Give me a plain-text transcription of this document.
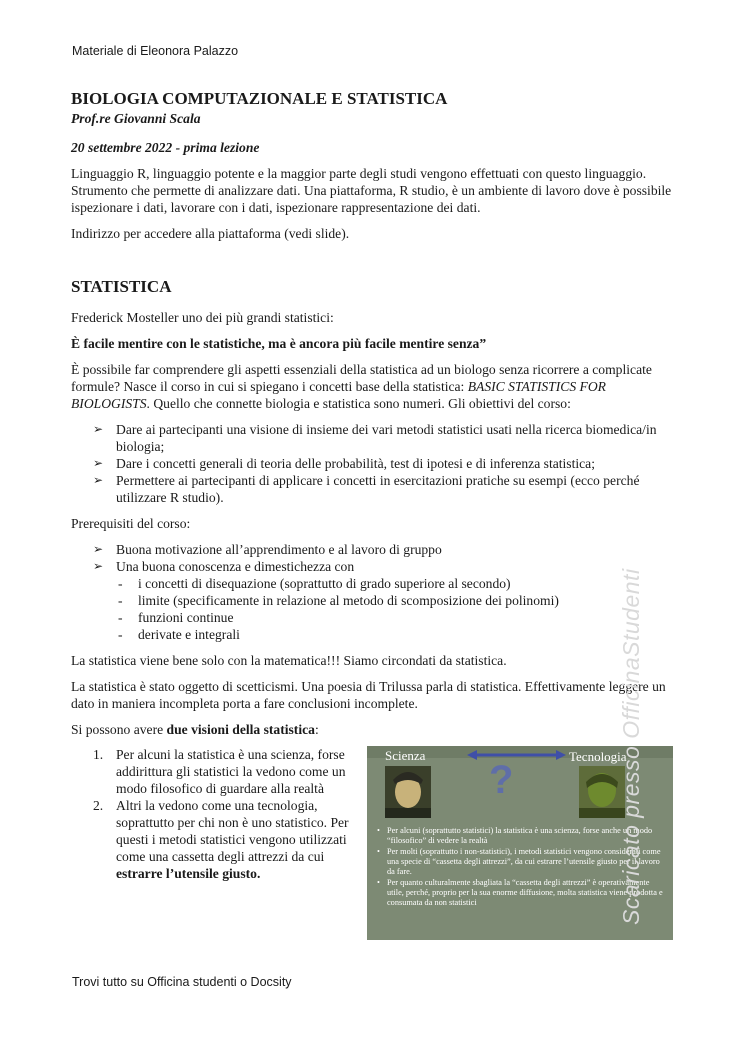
Materiale di Eleonora Palazzo
BIOLOGIA COMPUTAZIONALE E STATISTICA
Prof.re Giovanni Scala
20 settembre 2022 - prima lezione

Linguaggio R, linguaggio potente e la maggior parte degli studi vengono effettuati con questo linguaggio. Strumento che permette di analizzare dati. Una piattaforma, R studio, è un ambiente di lavoro dove è possibile ispezionare i dati, lavorare con i dati, ispezionare rappresentazione dei dati.

Indirizzo per accedere alla piattaforma (vedi slide).

STATISTICA

Frederick Mosteller uno dei più grandi statistici:

È facile mentire con le statistiche, ma è ancora più facile mentire senza”

È possibile far comprendere gli aspetti essenziali della statistica ad un biologo senza ricorrere a complicate formule? Nasce il corso in cui si spiegano i concetti base della statistica: BASIC STATISTICS FOR BIOLOGISTS. Quello che connette biologia e statistica sono numeri. Gli obiettivi del corso:

➢ Dare ai partecipanti una visione di insieme dei vari metodi statistici usati nella ricerca biomedica/in biologia;
➢ Dare i concetti generali di teoria delle probabilità, test di ipotesi e di inferenza statistica;
➢ Permettere ai partecipanti di applicare i concetti in esercitazioni pratiche su esempi (ecco perché utilizzare R studio).

Prerequisiti del corso:

➢ Buona motivazione all’apprendimento e al lavoro di gruppo
➢ Una buona conoscenza e dimestichezza con
- i concetti di disequazione (soprattutto di grado superiore al secondo)
- limite (specificamente in relazione al metodo di scomposizione dei polinomi)
- funzioni continue
- derivate e integrali

La statistica viene bene solo con la matematica!!! Siamo circondati da statistica.

La statistica è stato oggetto di scetticismi. Una poesia di Trilussa parla di statistica. Effettivamente leggere un dato in maniera incompleta porta a fare conclusioni incomplete.

Si possono avere due visioni della statistica:

1. Per alcuni la statistica è una scienza, forse addirittura gli statistici la vedono come un modo filosofico di guardare alla realtà
2. Altri la vedono come una tecnologia, soprattutto per chi non è uno statistico. Per questi i metodi statistici vengono utilizzati come una cassetta degli attrezzi da cui estrarre l’utensile giusto.
Scienza	Tecnologia
?
• Per alcuni (soprattutto statistici) la statistica è una scienza, forse anche un modo “filosofico” di vedere la realtà
• Per molti (soprattutto i non-statistici), i metodi statistici vengono considerati come una specie di “cassetta degli attrezzi”, da cui estrarre l’utensile giusto per il lavoro da fare.
• Per quanto culturalmente sbagliata la “cassetta degli attrezzi” è operativamente utile, perché, proprio per la sua enorme diffusione, molta statistica viene prodotta e consumata da non statistici	Scaricato presso OfficinaStudenti
Trovi tutto su Officina studenti o Docsity
